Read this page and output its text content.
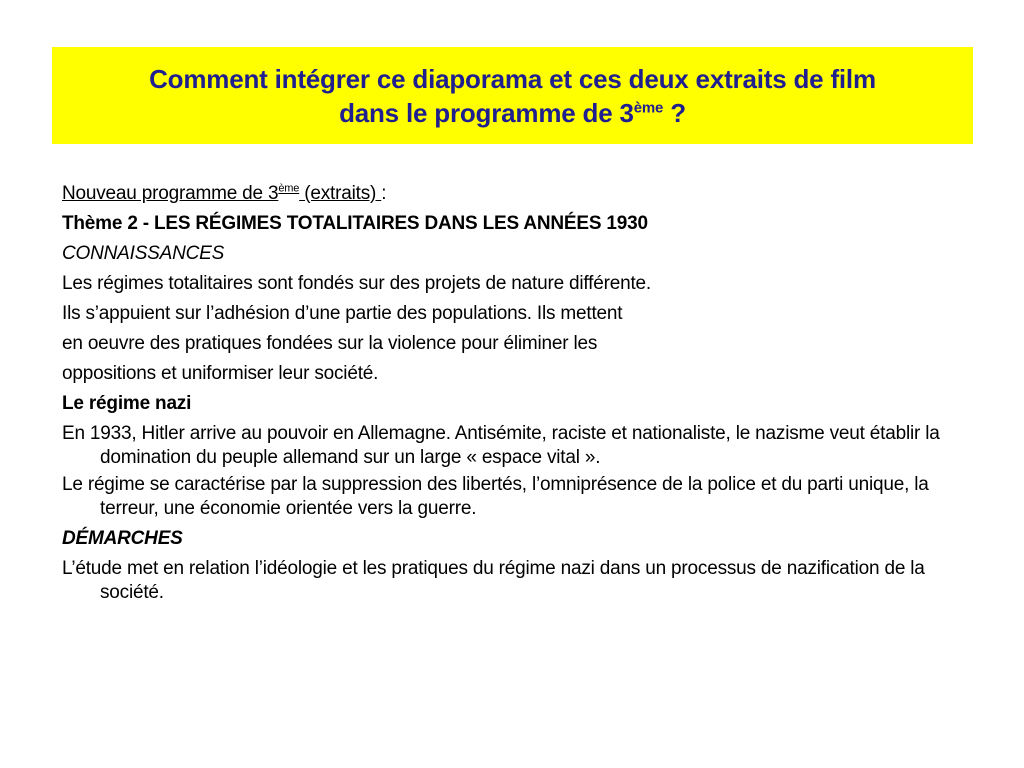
Comment intégrer ce diaporama et ces deux extraits de film
dans le programme de 3ème ?

Nouveau programme de 3ème (extraits) :

Thème 2 - LES RÉGIMES TOTALITAIRES DANS LES ANNÉES 1930

CONNAISSANCES

Les régimes totalitaires sont fondés sur des projets de nature différente.

Ils s’appuient sur l’adhésion d’une partie des populations. Ils mettent

en oeuvre des pratiques fondées sur la violence pour éliminer les

oppositions et uniformiser leur société.

Le régime nazi

En 1933, Hitler arrive au pouvoir en Allemagne. Antisémite, raciste et nationaliste, le nazisme veut établir la domination du peuple allemand sur un large « espace vital ».

Le régime se caractérise par la suppression des libertés, l’omniprésence de la police et du parti unique, la terreur, une économie orientée vers la guerre.

DÉMARCHES

L’étude met en relation l’idéologie et les pratiques du régime nazi dans un processus de nazification de la société.
